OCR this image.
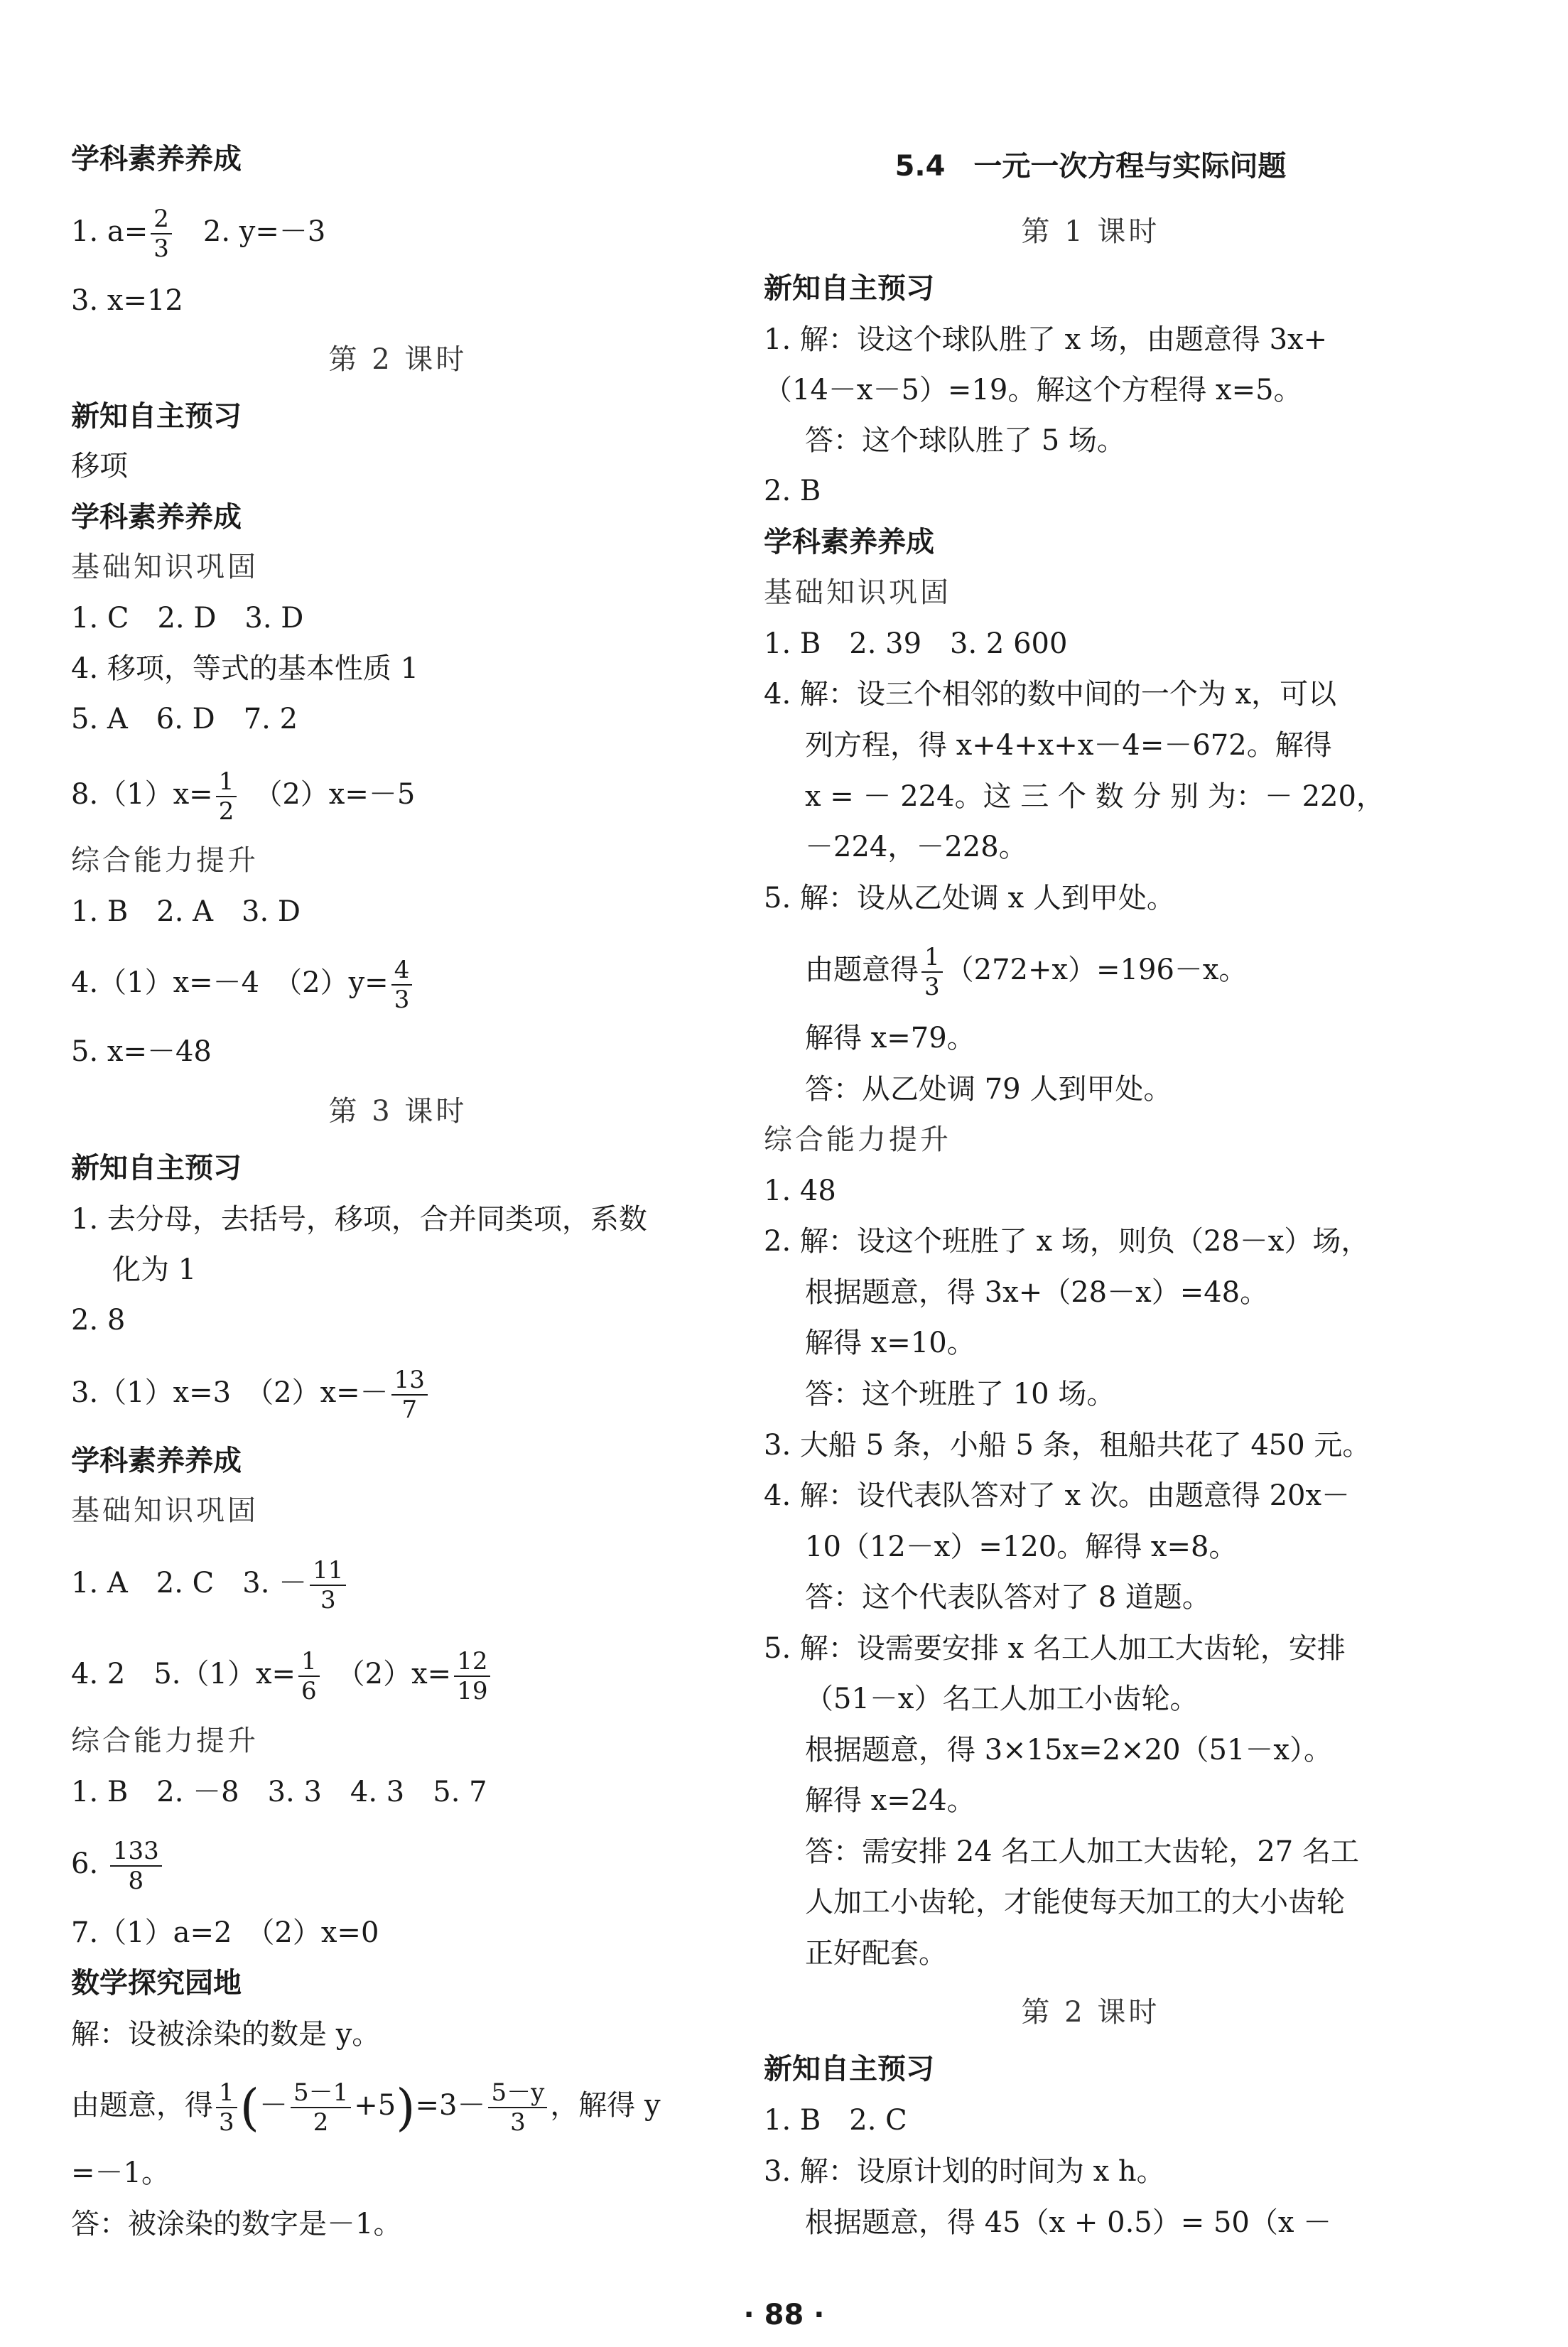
学科素养养成
1. $a= \frac{2}{3}$ 　2. y=－3
3. x=12
第 2 课时
新知自主预习
移项
学科素养养成
基础知识巩固
1. C　2. D　3. D
4. 移项，等式的基本性质 1
5. A　6. D　7. 2
$8.(1)x= \frac{1}{2}$ 　（2）x=－5
综合能力提升
1. B　2. A　3. D
4.（1）x=－4　$(2)y= \frac{4}{3}$
5. x=－48
第 3 课时
新知自主预习
1. 去分母，去括号，移项，合并同类项，系数
化为 1
2. 8
3.（1）x=3　$(2)x=- \frac{13}{7}$
学科素养养成
基础知识巩固
1. A　2. C　3. － $\frac{11}{3}$
4. 2　$5.(1)x= \frac{1}{6}$ 　$(2)x= \frac{12}{19}$
综合能力提升
1. B　2. －8　3. 3　4. 3　5. 7
6. $\frac{133}{8}$
7.（1）a=2　（2）x=0
数学探究园地
解：设被涂染的数是 y。
由题意，得 $\frac{1}{3}$ (－ $\frac{5-1}{2} +5)=3- \frac{5-y}{3}$ ，解得 y
=－1。
答：被涂染的数字是－1。
5.4　一元一次方程与实际问题
第 1 课时
新知自主预习
1. 解：设这个球队胜了 x 场，由题意得 3x+
（14－x－5）=19。解这个方程得 x=5。
答：这个球队胜了 5 场。
2. B
学科素养养成
基础知识巩固
1. B　2. 39　3. 2 600
4. 解：设三个相邻的数中间的一个为 x，可以
列方程，得 x+4+x+x－4=－672。解得
x = － 224。这 三 个 数 分 别 为：－ 220，
－224，－228。
5. 解：设从乙处调 x 人到甲处。
由题意得 $\frac{1}{3} (272+x)=196-x$。
解得 x=79。
答：从乙处调 79 人到甲处。
综合能力提升
1. 48
2. 解：设这个班胜了 x 场，则负（28－x）场，
根据题意，得 3x+（28－x）=48。
解得 x=10。
答：这个班胜了 10 场。
3. 大船 5 条，小船 5 条，租船共花了 450 元。
4. 解：设代表队答对了 x 次。由题意得 20x－
10（12－x）=120。解得 x=8。
答：这个代表队答对了 8 道题。
5. 解：设需要安排 x 名工人加工大齿轮，安排
（51－x）名工人加工小齿轮。
根据题意，得 3×15x=2×20（51－x）。
解得 x=24。
答：需安排 24 名工人加工大齿轮，27 名工
人加工小齿轮，才能使每天加工的大小齿轮
正好配套。
第 2 课时
新知自主预习
1. B　2. C
3. 解：设原计划的时间为 x h。
根据题意，得 45（x + 0.5）= 50（x －
· 88 ·
